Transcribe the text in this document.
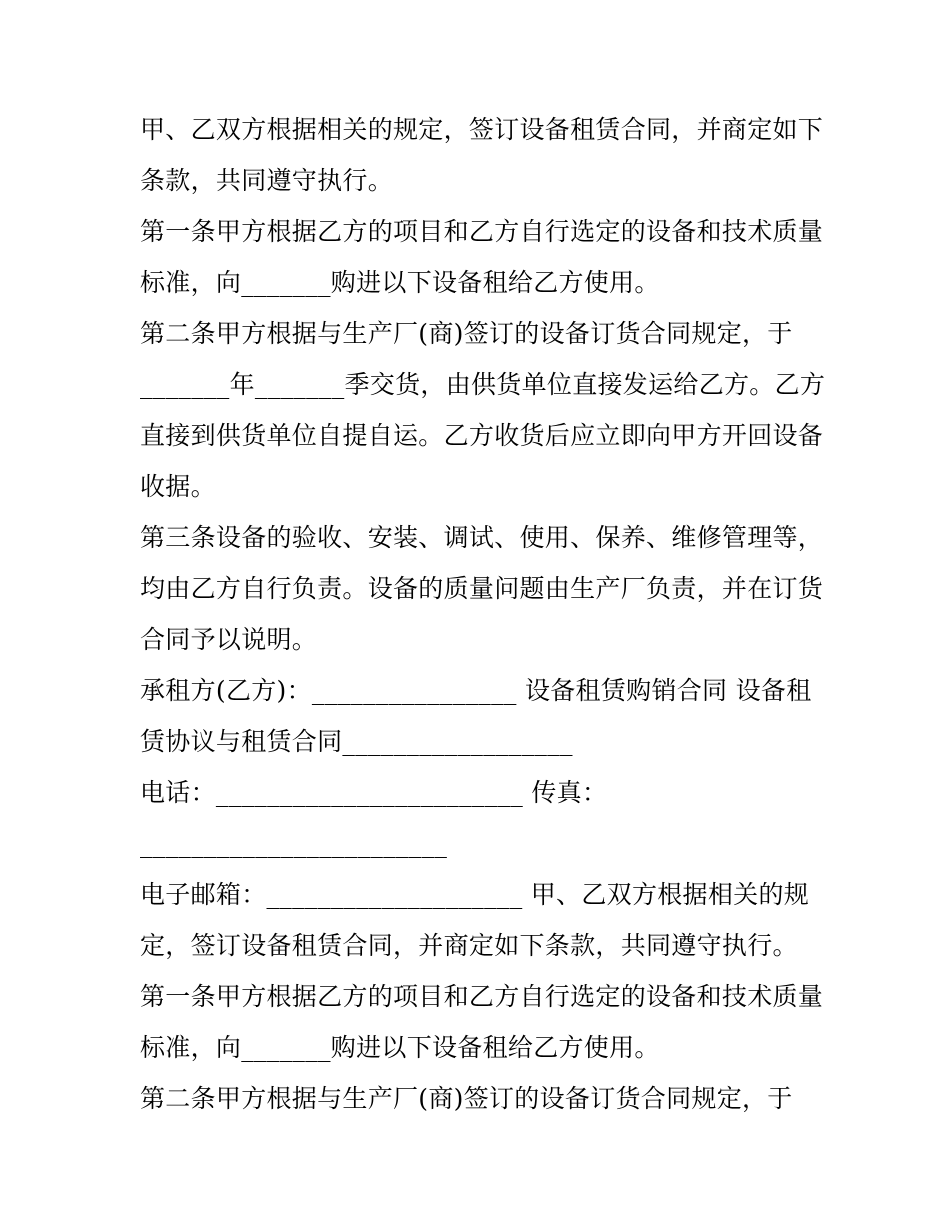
甲、乙双方根据相关的规定，签订设备租赁合同，并商定如下
条款，共同遵守执行。
第一条甲方根据乙方的项目和乙方自行选定的设备和技术质量
标准，向_______购进以下设备租给乙方使用。
第二条甲方根据与生产厂(商)签订的设备订货合同规定，于
_______年_______季交货，由供货单位直接发运给乙方。乙方
直接到供货单位自提自运。乙方收货后应立即向甲方开回设备
收据。
第三条设备的验收、安装、调试、使用、保养、维修管理等，
均由乙方自行负责。设备的质量问题由生产厂负责，并在订货
合同予以说明。
承租方(乙方)：________________ 设备租赁购销合同 设备租
赁协议与租赁合同__________________
电话：________________________ 传真：
________________________
电子邮箱：____________________ 甲、乙双方根据相关的规
定，签订设备租赁合同，并商定如下条款，共同遵守执行。
第一条甲方根据乙方的项目和乙方自行选定的设备和技术质量
标准，向_______购进以下设备租给乙方使用。
第二条甲方根据与生产厂(商)签订的设备订货合同规定，于
